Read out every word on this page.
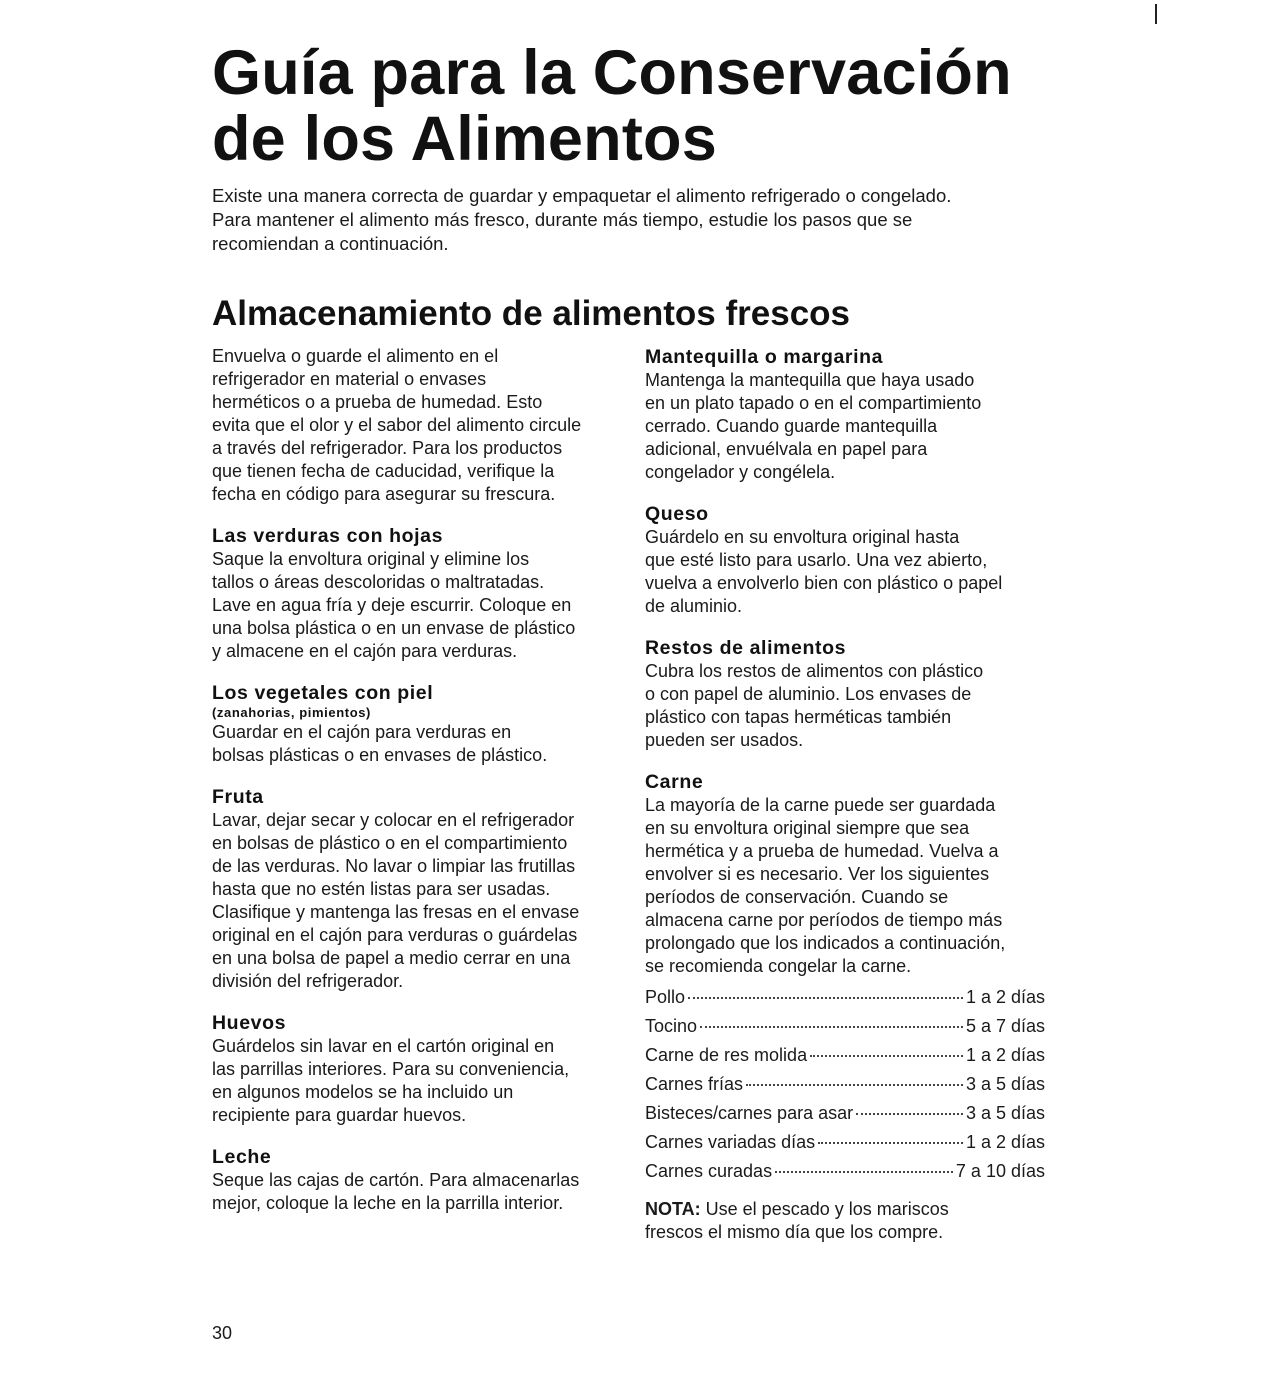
Guía para la Conservación
de los Alimentos

Existe una manera correcta de guardar y empaquetar el alimento refrigerado o congelado.
Para mantener el alimento más fresco, durante más tiempo, estudie los pasos que se
recomiendan a continuación.

Almacenamiento de alimentos frescos

Envuelva o guarde el alimento en el
refrigerador en material o envases
herméticos o a prueba de humedad. Esto
evita que el olor y el sabor del alimento circule
a través del refrigerador. Para los productos
que tienen fecha de caducidad, verifique la
fecha en código para asegurar su frescura.

Las verduras con hojas

Saque la envoltura original y elimine los
tallos o áreas descoloridas o maltratadas.
Lave en agua fría y deje escurrir. Coloque en
una bolsa plástica o en un envase de plástico
y almacene en el cajón para verduras.

Los vegetales con piel
(zanahorias, pimientos)

Guardar en el cajón para verduras en
bolsas plásticas o en envases de plástico.

Fruta

Lavar, dejar secar y colocar en el refrigerador
en bolsas de plástico o en el compartimiento
de las verduras. No lavar o limpiar las frutillas
hasta que no estén listas para ser usadas.
Clasifique y mantenga las fresas en el envase
original en el cajón para verduras o guárdelas
en una bolsa de papel a medio cerrar en una
división del refrigerador.

Huevos

Guárdelos sin lavar en el cartón original en
las parrillas interiores. Para su conveniencia,
en algunos modelos se ha incluido un
recipiente para guardar huevos.

Leche

Seque las cajas de cartón. Para almacenarlas
mejor, coloque la leche en la parrilla interior.

Mantequilla o margarina

Mantenga la mantequilla que haya usado
en un plato tapado o en el compartimiento
cerrado. Cuando guarde mantequilla
adicional, envuélvala en papel para
congelador y congélela.

Queso

Guárdelo en su envoltura original hasta
que esté listo para usarlo. Una vez abierto,
vuelva a envolverlo bien con plástico o papel
de aluminio.

Restos de alimentos

Cubra los restos de alimentos con plástico
o con papel de aluminio. Los envases de
plástico con tapas herméticas también
pueden ser usados.

Carne

La mayoría de la carne puede ser guardada
en su envoltura original siempre que sea
hermética y a prueba de humedad. Vuelva a
envolver si es necesario. Ver los siguientes
períodos de conservación. Cuando se
almacena carne por períodos de tiempo más
prolongado que los indicados a continuación,
se recomienda congelar la carne.

Pollo	1 a 2 días
Tocino	5 a 7 días
Carne de res molida	1 a 2 días
Carnes frías	3 a 5 días
Bisteces/carnes para asar	3 a 5 días
Carnes variadas días	1 a 2 días
Carnes curadas	7 a 10 días

NOTA: Use el pescado y los mariscos
frescos el mismo día que los compre.

30
